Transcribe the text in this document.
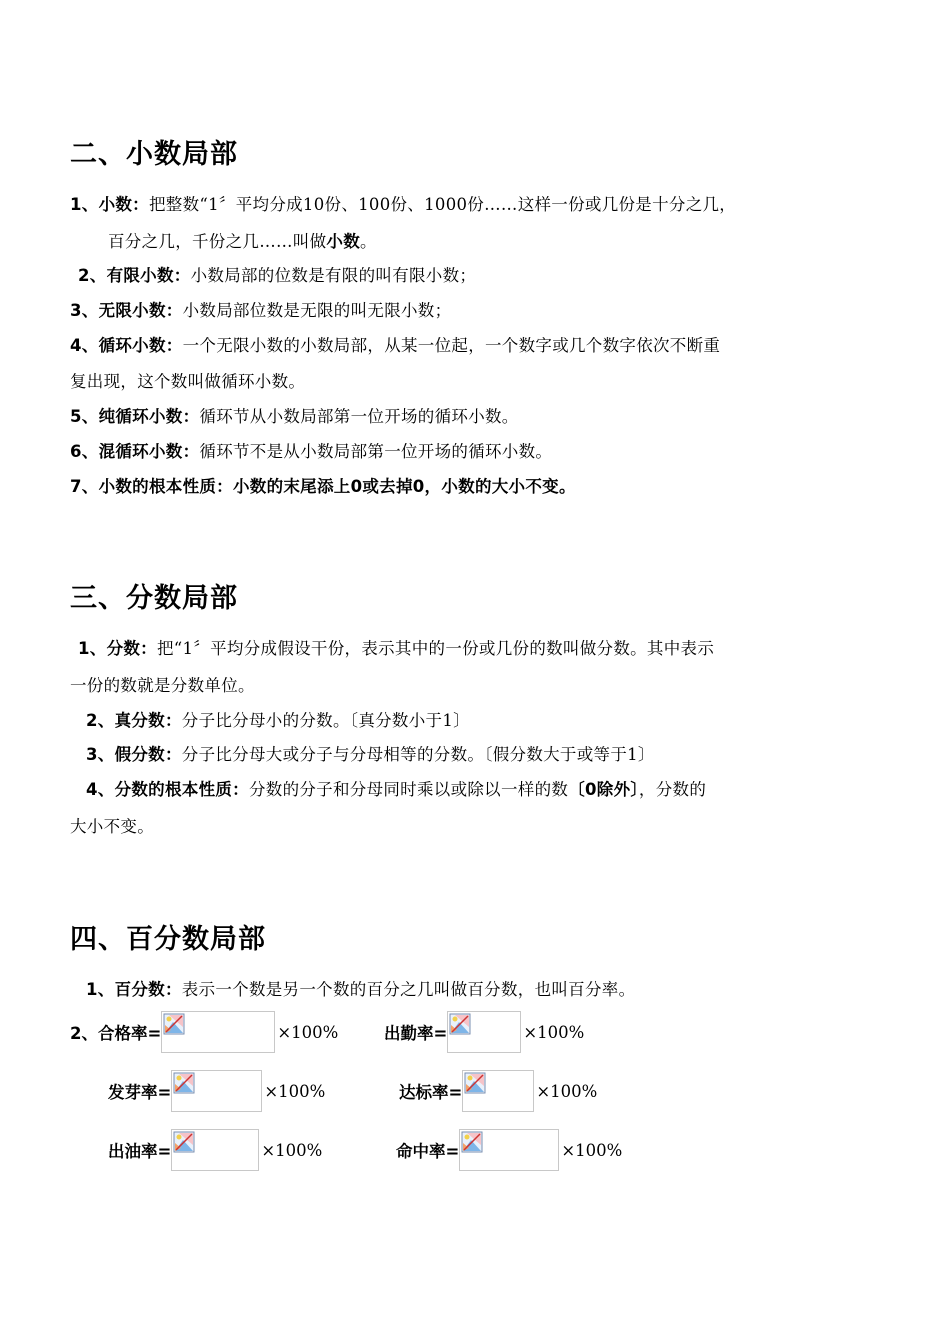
二、小数局部
1、小数：把整数“1〞平均分成10份、100份、1000份……这样一份或几份是十分之几，
百分之几，千份之几……叫做小数。
2、有限小数：小数局部的位数是有限的叫有限小数；
3、无限小数：小数局部位数是无限的叫无限小数；
4、循环小数：一个无限小数的小数局部，从某一位起，一个数字或几个数字依次不断重
复出现，这个数叫做循环小数。
5、纯循环小数：循环节从小数局部第一位开场的循环小数。
6、混循环小数：循环节不是从小数局部第一位开场的循环小数。
7、小数的根本性质：小数的末尾添上0或去掉0，小数的大小不变。
三、分数局部
1、分数：把“1〞平均分成假设干份，表示其中的一份或几份的数叫做分数。其中表示
一份的数就是分数单位。
2、真分数：分子比分母小的分数。〔真分数小于1〕
3、假分数：分子比分母大或分子与分母相等的分数。〔假分数大于或等于1〕
4、分数的根本性质：分数的分子和分母同时乘以或除以一样的数〔0除外〕，分数的
大小不变。
四、百分数局部
1、百分数：表示一个数是另一个数的百分之几叫做百分数，也叫百分率。
2、 合格率=	×100%	出勤率=	×100%
发芽率=	×100%	达标率=	×100%
出油率=	×100%	命中率=	×100%
